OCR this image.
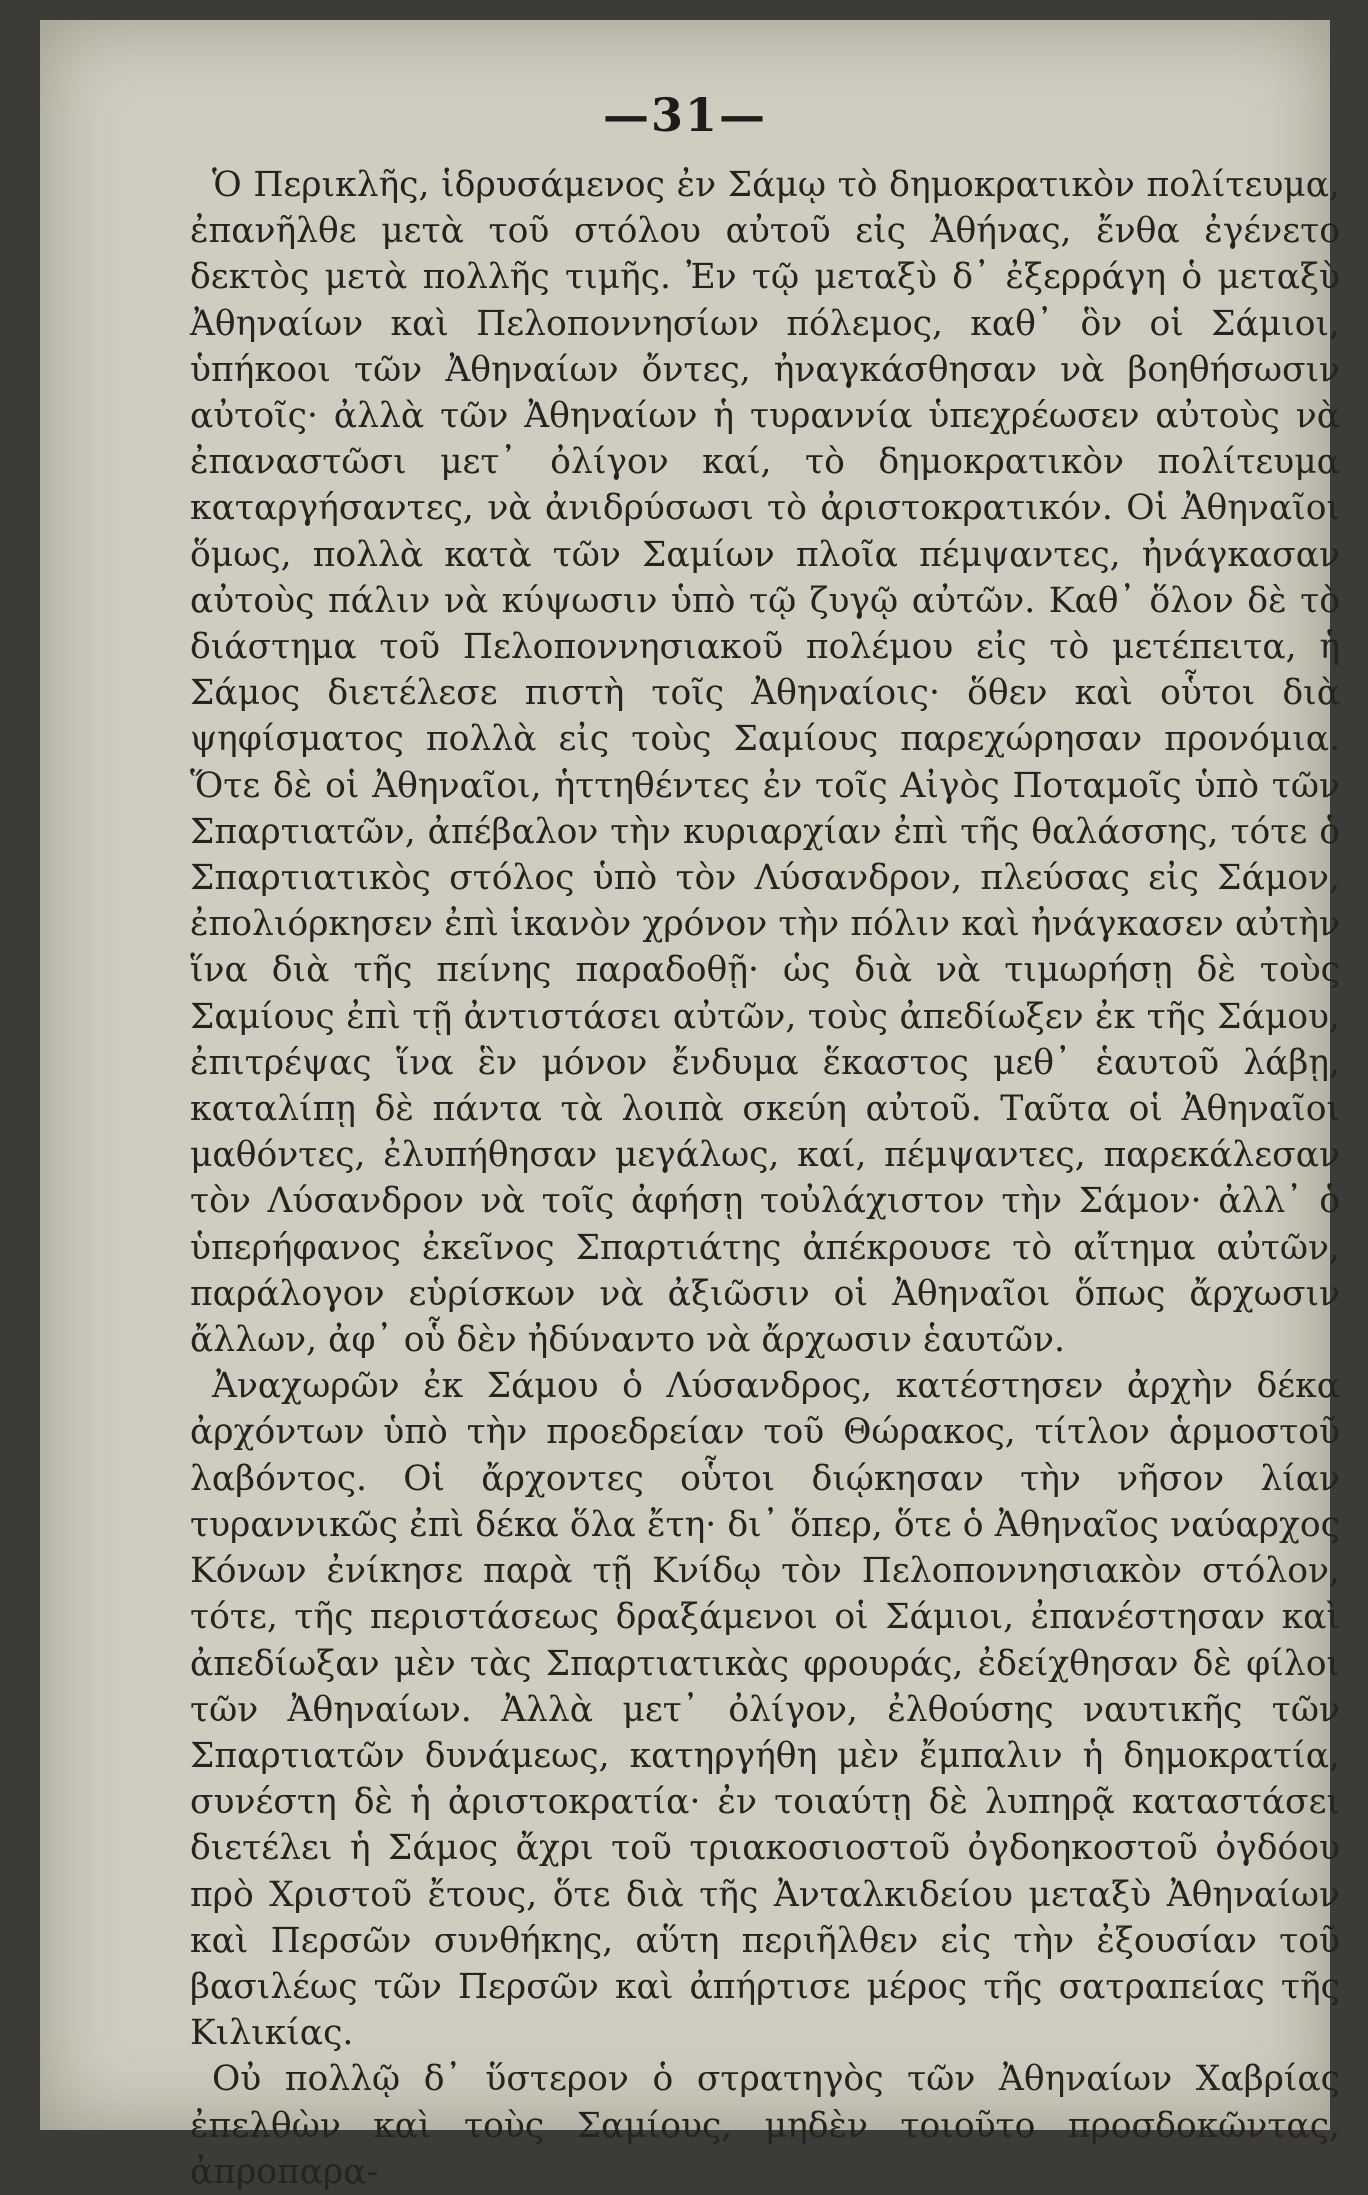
—31—

Ὁ Περικλῆς, ἱδρυσάμενος ἐν Σάμῳ τὸ δημοκρατικὸν πολίτευμα, ἐπανῆλθε μετὰ τοῦ στόλου αὐτοῦ εἰς Ἀθήνας, ἔνθα ἐγένετο δεκτὸς μετὰ πολλῆς τιμῆς. Ἐν τῷ μεταξὺ δ᾽ ἐξερράγη ὁ μεταξὺ Ἀθηναίων καὶ Πελοποννησίων πόλεμος, καθ᾽ ὃν οἱ Σάμιοι, ὑπήκοοι τῶν Ἀθηναίων ὄντες, ἠναγκάσθησαν νὰ βοηθήσωσιν αὐτοῖς· ἀλλὰ τῶν Ἀθηναίων ἡ τυραννία ὑπεχρέωσεν αὐτοὺς νὰ ἐπαναστῶσι μετ᾽ ὀλίγον καί, τὸ δημοκρατικὸν πολίτευμα καταργήσαντες, νὰ ἀνιδρύσωσι τὸ ἀριστοκρατικόν. Οἱ Ἀθηναῖοι ὅμως, πολλὰ κατὰ τῶν Σαμίων πλοῖα πέμψαντες, ἠνάγκασαν αὐτοὺς πάλιν νὰ κύψωσιν ὑπὸ τῷ ζυγῷ αὐτῶν. Καθ᾽ ὅλον δὲ τὸ διάστημα τοῦ Πελοποννησιακοῦ πολέμου εἰς τὸ μετέπειτα, ἡ Σάμος διετέλεσε πιστὴ τοῖς Ἀθηναίοις· ὅθεν καὶ οὗτοι διὰ ψηφίσματος πολλὰ εἰς τοὺς Σαμίους παρεχώρησαν προνόμια. Ὅτε δὲ οἱ Ἀθηναῖοι, ἡττηθέντες ἐν τοῖς Αἰγὸς Ποταμοῖς ὑπὸ τῶν Σπαρτιατῶν, ἀπέβαλον τὴν κυριαρχίαν ἐπὶ τῆς θαλάσσης, τότε ὁ Σπαρτιατικὸς στόλος ὑπὸ τὸν Λύσανδρον, πλεύσας εἰς Σάμον, ἐπολιόρκησεν ἐπὶ ἱκανὸν χρόνον τὴν πόλιν καὶ ἠνάγκασεν αὐτὴν ἵνα διὰ τῆς πείνης παραδοθῇ· ὡς διὰ νὰ τιμωρήσῃ δὲ τοὺς Σαμίους ἐπὶ τῇ ἀντιστάσει αὐτῶν, τοὺς ἀπεδίωξεν ἐκ τῆς Σάμου, ἐπιτρέψας ἵνα ἓν μόνον ἔνδυμα ἕκαστος μεθ᾽ ἑαυτοῦ λάβῃ, καταλίπῃ δὲ πάντα τὰ λοιπὰ σκεύη αὐτοῦ. Ταῦτα οἱ Ἀθηναῖοι μαθόντες, ἐλυπήθησαν μεγάλως, καί, πέμψαντες, παρεκάλεσαν τὸν Λύσανδρον νὰ τοῖς ἀφήσῃ τοὐλάχιστον τὴν Σάμον· ἀλλ᾽ ὁ ὑπερήφανος ἐκεῖνος Σπαρτιάτης ἀπέκρουσε τὸ αἴτημα αὐτῶν, παράλογον εὑρίσκων νὰ ἀξιῶσιν οἱ Ἀθηναῖοι ὅπως ἄρχωσιν ἄλλων, ἀφ᾽ οὗ δὲν ἠδύναντο νὰ ἄρχωσιν ἑαυτῶν.

Ἀναχωρῶν ἐκ Σάμου ὁ Λύσανδρος, κατέστησεν ἀρχὴν δέκα ἀρχόντων ὑπὸ τὴν προεδρείαν τοῦ Θώρακος, τίτλον ἁρμοστοῦ λαβόντος. Οἱ ἄρχοντες οὗτοι διῴκησαν τὴν νῆσον λίαν τυραννικῶς ἐπὶ δέκα ὅλα ἔτη· δι᾽ ὅπερ, ὅτε ὁ Ἀθηναῖος ναύαρχος Κόνων ἐνίκησε παρὰ τῇ Κνίδῳ τὸν Πελοποννησιακὸν στόλον, τότε, τῆς περιστάσεως δραξάμενοι οἱ Σάμιοι, ἐπανέστησαν καὶ ἀπεδίωξαν μὲν τὰς Σπαρτιατικὰς φρουράς, ἐδείχθησαν δὲ φίλοι τῶν Ἀθηναίων. Ἀλλὰ μετ᾽ ὀλίγον, ἐλθούσης ναυτικῆς τῶν Σπαρτιατῶν δυνάμεως, κατηργήθη μὲν ἔμπαλιν ἡ δημοκρατία, συνέστη δὲ ἡ ἀριστοκρατία· ἐν τοιαύτῃ δὲ λυπηρᾷ καταστάσει διετέλει ἡ Σάμος ἄχρι τοῦ τριακοσιοστοῦ ὀγδοηκοστοῦ ὀγδόου πρὸ Χριστοῦ ἔτους, ὅτε διὰ τῆς Ἀνταλκιδείου μεταξὺ Ἀθηναίων καὶ Περσῶν συνθήκης, αὕτη περιῆλθεν εἰς τὴν ἐξουσίαν τοῦ βασιλέως τῶν Περσῶν καὶ ἀπήρτισε μέρος τῆς σατραπείας τῆς Κιλικίας.

Οὐ πολλῷ δ᾽ ὕστερον ὁ στρατηγὸς τῶν Ἀθηναίων Χαβρίας ἐπελθὼν καὶ τοὺς Σαμίους, μηδὲν τοιοῦτο προσδοκῶντας, ἀπροπαρα-
